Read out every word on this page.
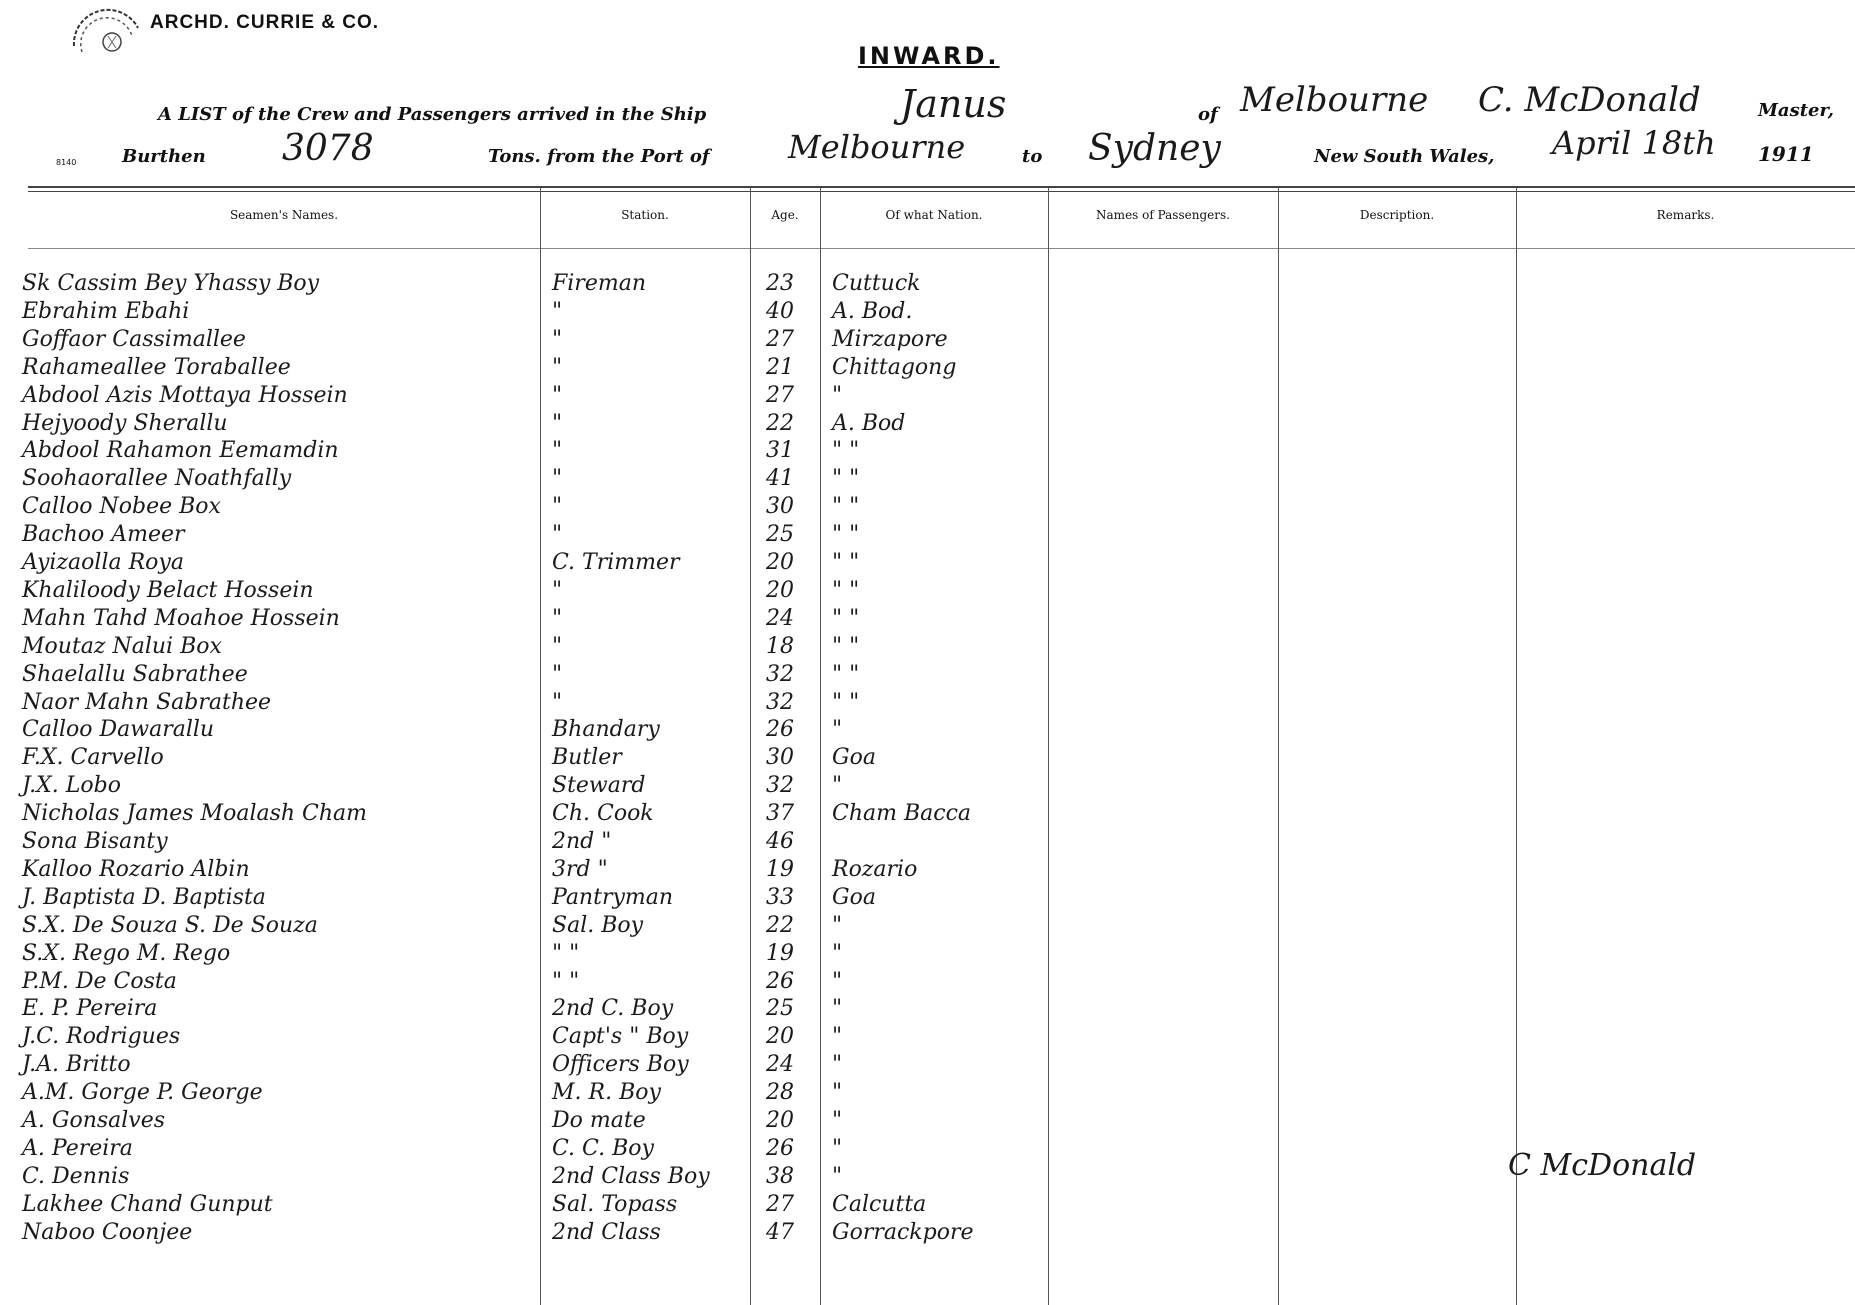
ARCHD. CURRIE & CO.
INWARD.
A LIST of the Crew and Passengers arrived in the Ship	Janus	of Melbourne C. McDonald	Master,
8140	Burthen 3078	Tons. from the Port of Melbourne	to Sydney	New South Wales, April 18th 1911
Seamen's Names.	Station.	Age.	Of what Nation.	Names of Passengers.	Description.	Remarks.
Sk Cassim Bey Yhassy Boy	Fireman	23 Cuttuck
Ebrahim Ebahi	"	40 A. Bod.
Goffaor Cassimallee	"	27 Mirzapore
Rahameallee Toraballee	"	21 Chittagong
Abdool Azis Mottaya Hossein	"	27 "
Hejyoody Sherallu	"	22 A. Bod
Abdool Rahamon Eemamdin	"	31 " "
Soohaorallee Noathfally	"	41 " "
Calloo Nobee Box	"	30 " "
Bachoo Ameer	"	25 " "
Ayizaolla Roya	C. Trimmer	20 " "
Khaliloody Belact Hossein	"	20 " "
Mahn Tahd Moahoe Hossein	"	24 " "
Moutaz Nalui Box	"	18 " "
Shaelallu Sabrathee	"	32 " "
Naor Mahn Sabrathee	"	32 " "
Calloo Dawarallu	Bhandary	26 "
F.X. Carvello	Butler	30 Goa
J.X. Lobo	Steward	32 "
Nicholas James Moalash Cham	Ch. Cook	37 Cham Bacca
Sona Bisanty	2nd "	46
Kalloo Rozario Albin	3rd "	19 Rozario
J. Baptista D. Baptista	Pantryman	33 Goa
S.X. De Souza S. De Souza	Sal. Boy	22 "
S.X. Rego M. Rego	" "	19 "
P.M. De Costa	" "	26 "
E. P. Pereira	2nd C. Boy	25 "
J.C. Rodrigues	Capt's " Boy	20 "
J.A. Britto	Officers Boy	24 "
A.M. Gorge P. George	M. R. Boy	28 "
A. Gonsalves	Do mate	20 "
A. Pereira	C. C. Boy	26 "
C. Dennis	2nd Class Boy	38 "
Lakhee Chand Gunput	Sal. Topass	27 Calcutta
Naboo Coonjee	2nd Class	47 Gorrackpore
C McDonald
